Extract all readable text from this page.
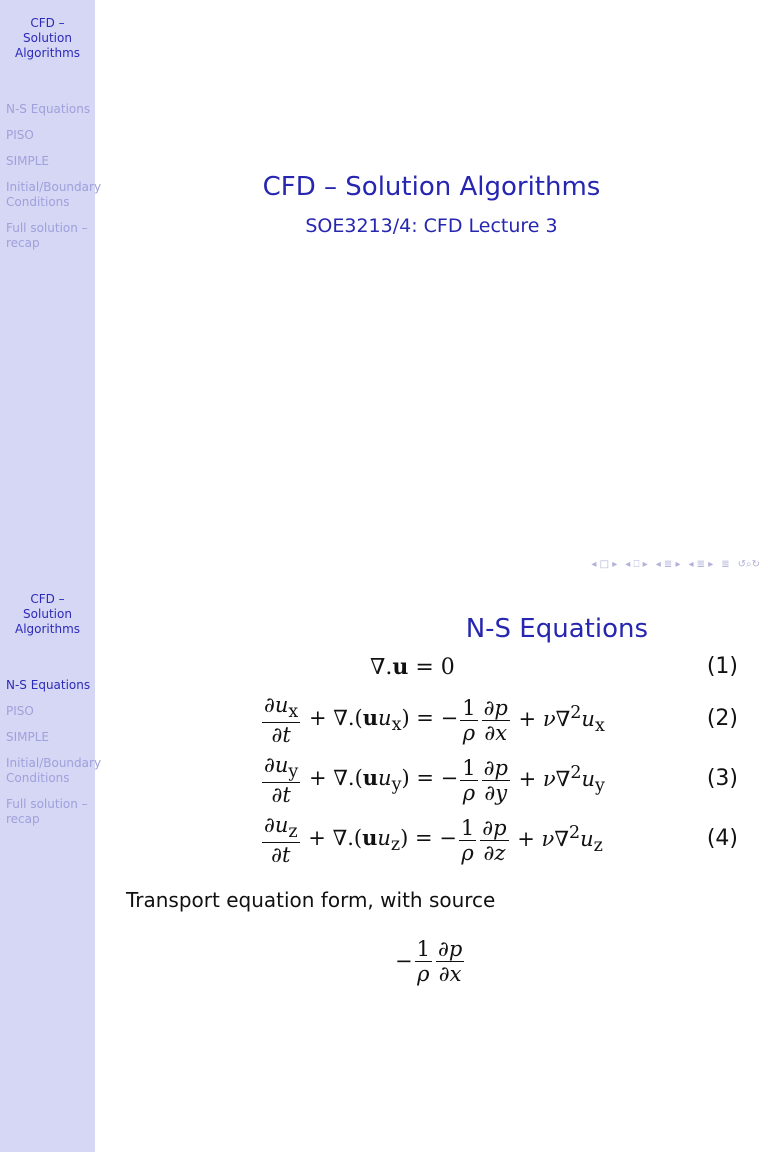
CFD –
Solution
Algorithms
N-S Equations
PISO
SIMPLE
Initial/Boundary Conditions
Full solution – recap
CFD – Solution Algorithms
SOE3213/4: CFD Lecture 3
◂ □ ▸ ◂ ⎕ ▸ ◂ ≣ ▸ ◂ ≣ ▸ ≣ ↺⌕↻
CFD –
Solution
Algorithms
N-S Equations
PISO
SIMPLE
Initial/Boundary Conditions
Full solution – recap
N-S Equations
∇.u = 0	(1)
$\frac{\partial u_x}{\partial t} + \nabla.(uu_x)$ = − $\frac{1}{\rho} \frac{\partial p}{\partial x} + \nu\nabla^2u_x$	(2)
$\frac{\partial u_y}{\partial t} + \nabla.(uu_y)$ = − $\frac{1}{\rho} \frac{\partial p}{\partial y} + \nu\nabla^2u_y$	(3)
$\frac{\partial u_z}{\partial t} + \nabla.(uu_z)$ = − $\frac{1}{\rho} \frac{\partial p}{\partial z} + \nu\nabla^2u_z$	(4)
Transport equation form, with source
− $\frac{1}{\rho} \frac{\partial p}{\partial x}$
